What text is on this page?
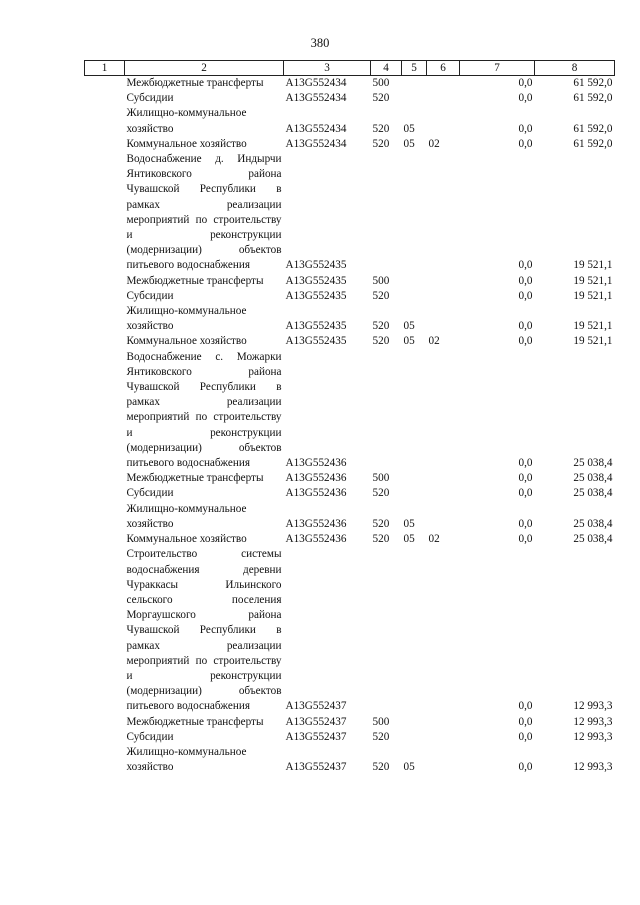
380
1	2	3	4	5	6	7	8
	Межбюджетные трансферты	А13G552434	500			0,0	61 592,0
	Субсидии	А13G552434	520			0,0	61 592,0
	Жилищно-коммунальное хозяйство	А13G552434	520	05		0,0	61 592,0
	Коммунальное хозяйство	А13G552434	520	05	02	0,0	61 592,0
	Водоснабжение д. Индырчи Янтиковского района Чувашской Республики в рамках реализации мероприятий по строительству и реконструкции (модернизации) объектов питьевого водоснабжения	А13G552435				0,0	19 521,1
	Межбюджетные трансферты	А13G552435	500			0,0	19 521,1
	Субсидии	А13G552435	520			0,0	19 521,1
	Жилищно-коммунальное хозяйство	А13G552435	520	05		0,0	19 521,1
	Коммунальное хозяйство	А13G552435	520	05	02	0,0	19 521,1
	Водоснабжение с. Можарки Янтиковского района Чувашской Республики в рамках реализации мероприятий по строительству и реконструкции (модернизации) объектов питьевого водоснабжения	А13G552436				0,0	25 038,4
	Межбюджетные трансферты	А13G552436	500			0,0	25 038,4
	Субсидии	А13G552436	520			0,0	25 038,4
	Жилищно-коммунальное хозяйство	А13G552436	520	05		0,0	25 038,4
	Коммунальное хозяйство	А13G552436	520	05	02	0,0	25 038,4
	Строительство системы водоснабжения деревни Чураккасы Ильинского сельского поселения Моргаушского района Чувашской Республики в рамках реализации мероприятий по строительству и реконструкции (модернизации) объектов питьевого водоснабжения	А13G552437				0,0	12 993,3
	Межбюджетные трансферты	А13G552437	500			0,0	12 993,3
	Субсидии	А13G552437	520			0,0	12 993,3
	Жилищно-коммунальное хозяйство	А13G552437	520	05		0,0	12 993,3
